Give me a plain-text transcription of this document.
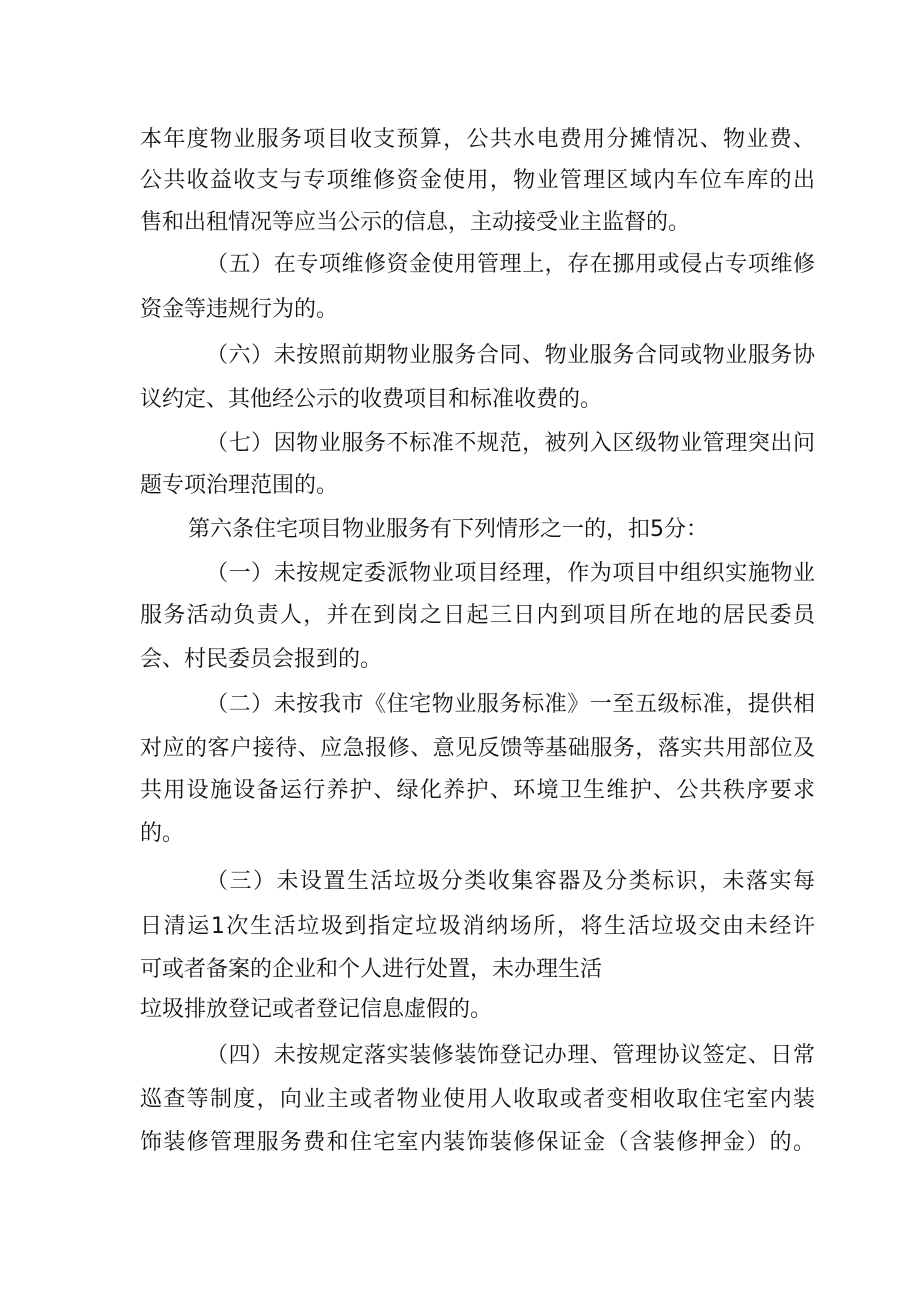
本年度物业服务项目收支预算，公共水电费用分摊情况、物业费、
公共收益收支与专项维修资金使用，物业管理区域内车位车库的出
售和出租情况等应当公示的信息，主动接受业主监督的。
（五）在专项维修资金使用管理上，存在挪用或侵占专项维修
资金等违规行为的。
（六）未按照前期物业服务合同、物业服务合同或物业服务协
议约定、其他经公示的收费项目和标准收费的。
（七）因物业服务不标准不规范，被列入区级物业管理突出问
题专项治理范围的。
第六条住宅项目物业服务有下列情形之一的，扣5分：
（一）未按规定委派物业项目经理，作为项目中组织实施物业
服务活动负责人，并在到岗之日起三日内到项目所在地的居民委员
会、村民委员会报到的。
（二）未按我市《住宅物业服务标准》一至五级标准，提供相
对应的客户接待、应急报修、意见反馈等基础服务，落实共用部位及
共用设施设备运行养护、绿化养护、环境卫生维护、公共秩序要求
的。
（三）未设置生活垃圾分类收集容器及分类标识，未落实每
日清运1次生活垃圾到指定垃圾消纳场所，将生活垃圾交由未经许
可或者备案的企业和个人进行处置，未办理生活
垃圾排放登记或者登记信息虚假的。
（四）未按规定落实装修装饰登记办理、管理协议签定、日常
巡查等制度，向业主或者物业使用人收取或者变相收取住宅室内装
饰装修管理服务费和住宅室内装饰装修保证金（含装修押金）的。
